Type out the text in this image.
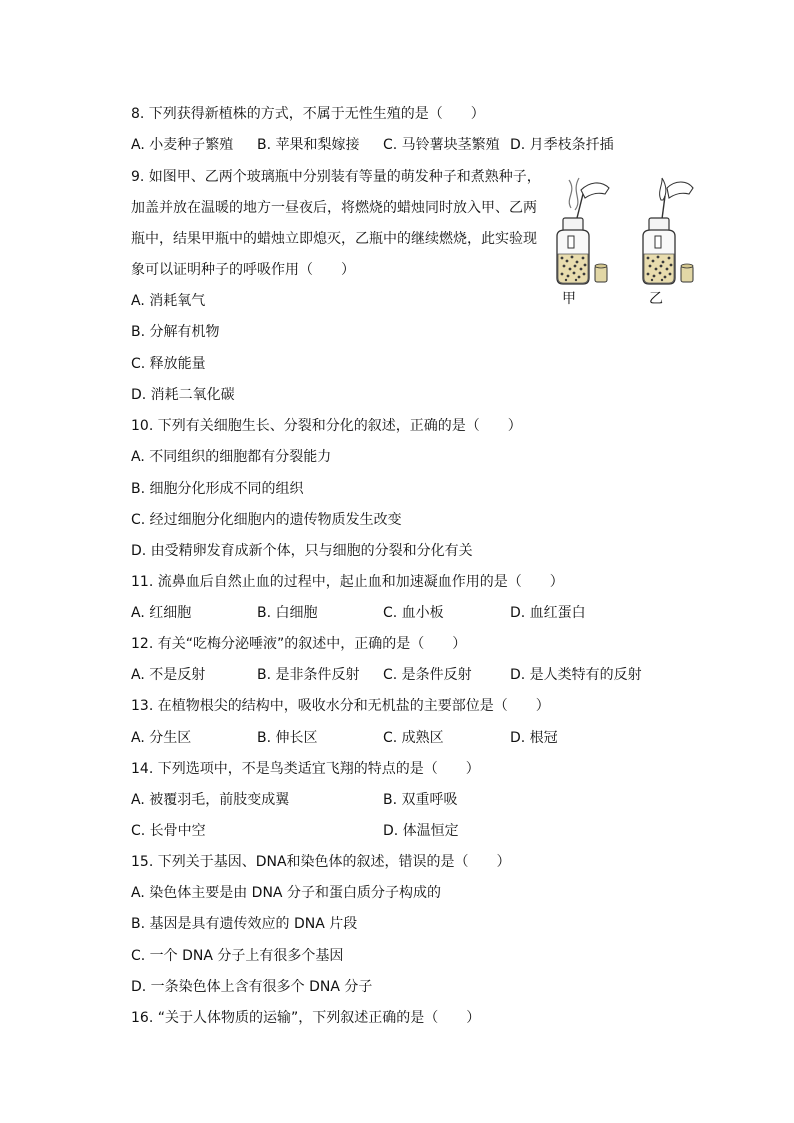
8. 下列获得新植株的方式，不属于无性生殖的是（　　）
A. 小麦种子繁殖 B. 苹果和梨嫁接 C. 马铃薯块茎繁殖 D. 月季枝条扦插
9. 如图甲、乙两个玻璃瓶中分别装有等量的萌发种子和煮熟种子，
加盖并放在温暖的地方一昼夜后，将燃烧的蜡烛同时放入甲、乙两
瓶中，结果甲瓶中的蜡烛立即熄灭，乙瓶中的继续燃烧，此实验现
象可以证明种子的呼吸作用（　　）
A. 消耗氧气
B. 分解有机物
C. 释放能量
D. 消耗二氧化碳
甲	乙
10. 下列有关细胞生长、分裂和分化的叙述，正确的是（　　）
A. 不同组织的细胞都有分裂能力
B. 细胞分化形成不同的组织
C. 经过细胞分化细胞内的遗传物质发生改变
D. 由受精卵发育成新个体，只与细胞的分裂和分化有关
11. 流鼻血后自然止血的过程中，起止血和加速凝血作用的是（　　）
A. 红细胞	B. 白细胞	C. 血小板	D. 血红蛋白
12. 有关“吃梅分泌唾液”的叙述中，正确的是（　　）
A. 不是反射	B. 是非条件反射 C. 是条件反射	D. 是人类特有的反射
13. 在植物根尖的结构中，吸收水分和无机盐的主要部位是（　　）
A. 分生区	B. 伸长区	C. 成熟区	D. 根冠
14. 下列选项中，不是鸟类适宜飞翔的特点的是（　　）
A. 被覆羽毛，前肢变成翼	B. 双重呼吸
C. 长骨中空	D. 体温恒定
15. 下列关于基因、DNA和染色体的叙述，错误的是（　　）
A. 染色体主要是由 DNA 分子和蛋白质分子构成的
B. 基因是具有遗传效应的 DNA 片段
C. 一个 DNA 分子上有很多个基因
D. 一条染色体上含有很多个 DNA 分子
16. “关于人体物质的运输”，下列叙述正确的是（　　）
